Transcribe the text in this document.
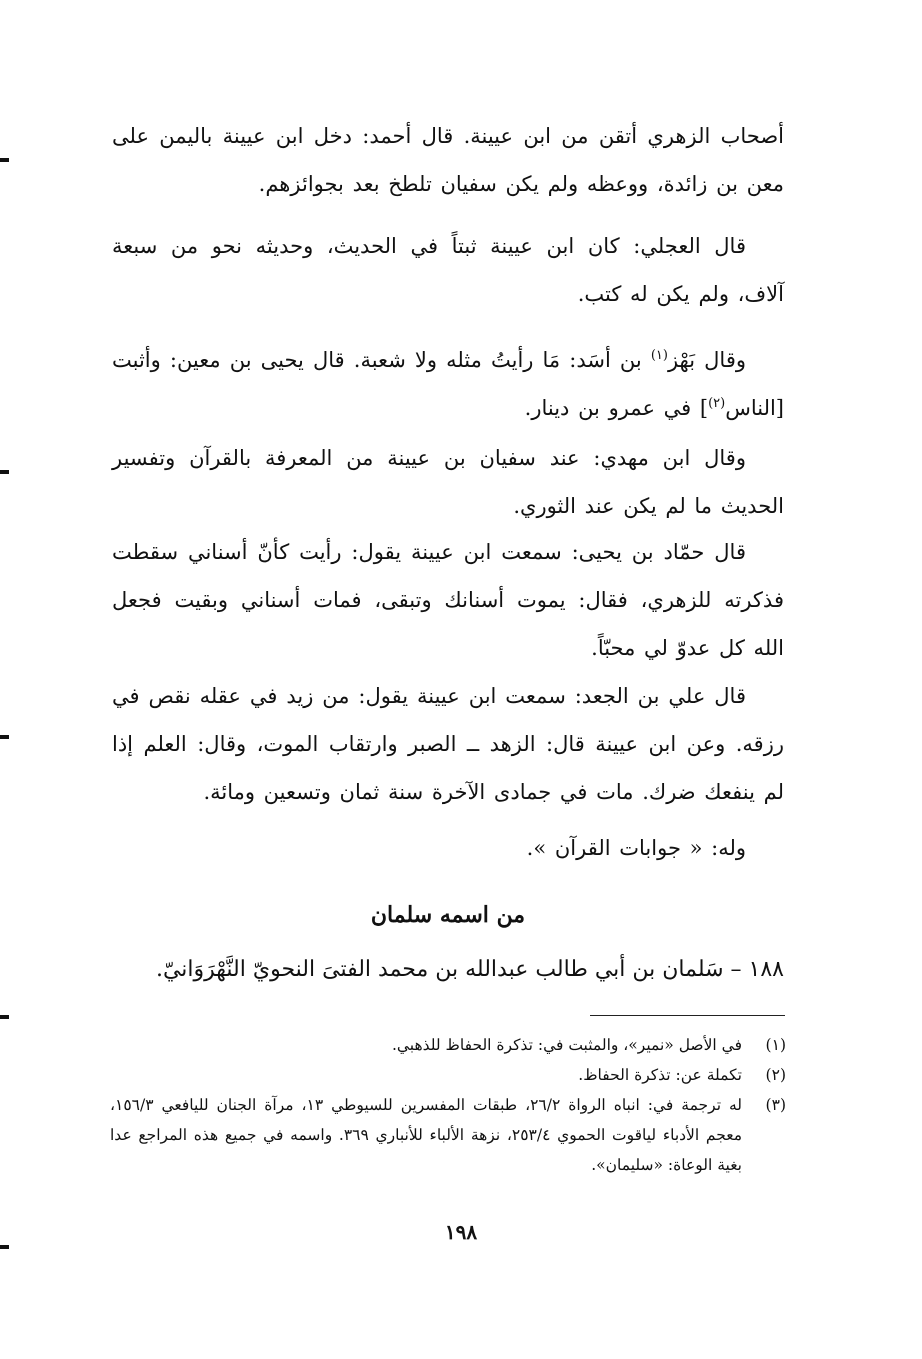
أصحاب الزهري أتقن من ابن عيينة. قال أحمد: دخل ابن عيينة باليمن على معن بن زائدة، ووعظه ولم يكن سفيان تلطخ بعد بجوائزهم.
قال العجلي: كان ابن عيينة ثبتاً في الحديث، وحديثه نحو من سبعة آلاف، ولم يكن له كتب.
وقال بَهْز$^{(١)}$ بن أسَد: مَا رأيتُ مثله ولا شعبة. قال يحيى بن معين: وأثبت [الناس$^{(٢)}$] في عمرو بن دينار.
وقال ابن مهدي: عند سفيان بن عيينة من المعرفة بالقرآن وتفسير الحديث ما لم يكن عند الثوري.
قال حمّاد بن يحيى: سمعت ابن عيينة يقول: رأيت كأنّ أسناني سقطت فذكرته للزهري، فقال: يموت أسنانك وتبقى، فمات أسناني وبقيت فجعل الله كل عدوّ لي محبّاً.
قال علي بن الجعد: سمعت ابن عيينة يقول: من زيد في عقله نقص في رزقه. وعن ابن عيينة قال: الزهد ــ الصبر وارتقاب الموت، وقال: العلم إذا لم ينفعك ضرك. مات في جمادى الآخرة سنة ثمان وتسعين ومائة.
وله: « جوابات القرآن ».
من اسمه سلمان
١٨٨ – سَلمان بن أبي طالب عبدالله بن محمد الفتىَ النحويّ النَّهْرَوَانيّ.
(١)
في الأصل «نمير»، والمثبت في: تذكرة الحفاظ للذهبي.
(٢)
تكملة عن: تذكرة الحفاظ.
(٣)
له ترجمة في: انباه الرواة ٢٦/٢، طبقات المفسرين للسيوطي ١٣، مرآة الجنان لليافعي ١٥٦/٣، معجم الأدباء لياقوت الحموي ٢٥٣/٤، نزهة الألباء للأنباري ٣٦٩. واسمه في جميع هذه المراجع عدا بغية الوعاة: «سليمان».
١٩٨
